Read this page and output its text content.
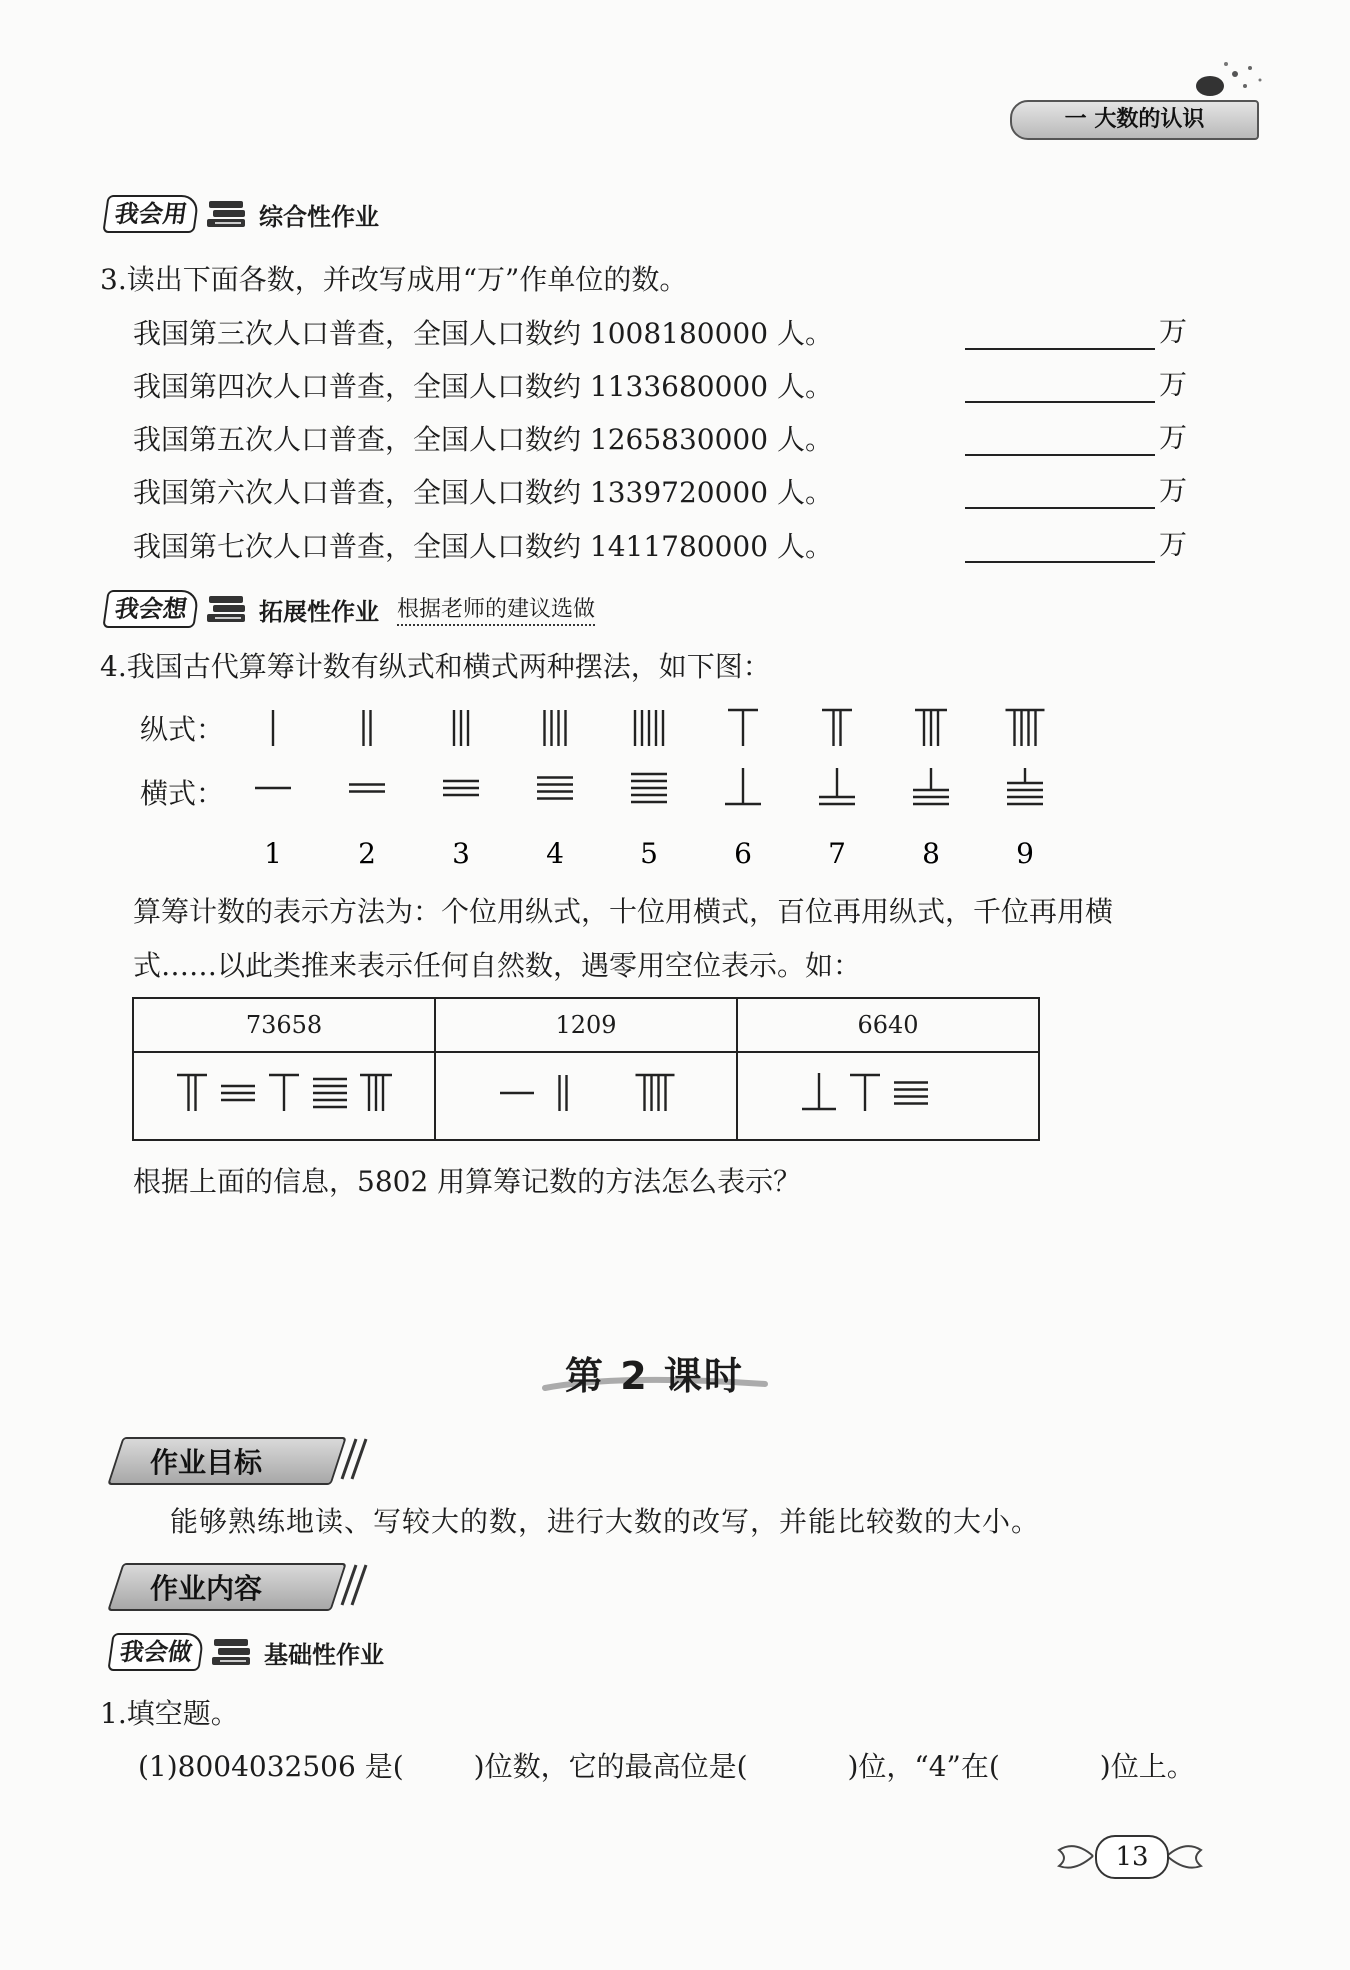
一 大数的认识
我会用	综合性作业
3.读出下面各数，并改写成用“万”作单位的数。
我国第三次人口普查，全国人口数约 1008180000 人。	万
我国第四次人口普查，全国人口数约 1133680000 人。	万
我国第五次人口普查，全国人口数约 1265830000 人。	万
我国第六次人口普查，全国人口数约 1339720000 人。	万
我国第七次人口普查，全国人口数约 1411780000 人。	万
我会想	拓展性作业 根据老师的建议选做
4.我国古代算筹计数有纵式和横式两种摆法，如下图：
纵式：
横式：
1	2	3	4	5	6	7	8	9
算筹计数的表示方法为：个位用纵式，十位用横式，百位再用纵式，千位再用横
式……以此类推来表示任何自然数，遇零用空位表示。如：
73658	1209	6640

根据上面的信息，5802 用算筹记数的方法怎么表示？
第 2 课时
作业目标
能够熟练地读、写较大的数，进行大数的改写，并能比较数的大小。
作业内容
我会做	基础性作业
1.填空题。
(1)8004032506 是(	)位数，它的最高位是(	)位，“4”在(	)位上。
13
